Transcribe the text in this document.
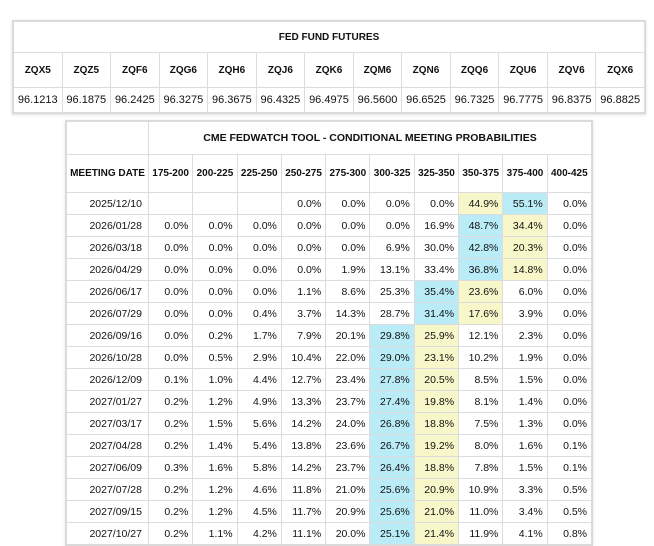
FED FUND FUTURES												
ZQX5	ZQZ5	ZQF6	ZQG6	ZQH6	ZQJ6	ZQK6	ZQM6	ZQN6	ZQQ6	ZQU6	ZQV6	ZQX6
96.1213	96.1875	96.2425	96.3275	96.3675	96.4325	96.4975	96.5600	96.6525	96.7325	96.7775	96.8375	96.8825
	CME FEDWATCH TOOL - CONDITIONAL MEETING PROBABILITIES									
MEETING DATE	175-200	200-225	225-250	250-275	275-300	300-325	325-350	350-375	375-400	400-425
2025/12/10				0.0%	0.0%	0.0%	0.0%	44.9%	55.1%	0.0%
2026/01/28	0.0%	0.0%	0.0%	0.0%	0.0%	0.0%	16.9%	48.7%	34.4%	0.0%
2026/03/18	0.0%	0.0%	0.0%	0.0%	0.0%	6.9%	30.0%	42.8%	20.3%	0.0%
2026/04/29	0.0%	0.0%	0.0%	0.0%	1.9%	13.1%	33.4%	36.8%	14.8%	0.0%
2026/06/17	0.0%	0.0%	0.0%	1.1%	8.6%	25.3%	35.4%	23.6%	6.0%	0.0%
2026/07/29	0.0%	0.0%	0.4%	3.7%	14.3%	28.7%	31.4%	17.6%	3.9%	0.0%
2026/09/16	0.0%	0.2%	1.7%	7.9%	20.1%	29.8%	25.9%	12.1%	2.3%	0.0%
2026/10/28	0.0%	0.5%	2.9%	10.4%	22.0%	29.0%	23.1%	10.2%	1.9%	0.0%
2026/12/09	0.1%	1.0%	4.4%	12.7%	23.4%	27.8%	20.5%	8.5%	1.5%	0.0%
2027/01/27	0.2%	1.2%	4.9%	13.3%	23.7%	27.4%	19.8%	8.1%	1.4%	0.0%
2027/03/17	0.2%	1.5%	5.6%	14.2%	24.0%	26.8%	18.8%	7.5%	1.3%	0.0%
2027/04/28	0.2%	1.4%	5.4%	13.8%	23.6%	26.7%	19.2%	8.0%	1.6%	0.1%
2027/06/09	0.3%	1.6%	5.8%	14.2%	23.7%	26.4%	18.8%	7.8%	1.5%	0.1%
2027/07/28	0.2%	1.2%	4.6%	11.8%	21.0%	25.6%	20.9%	10.9%	3.3%	0.5%
2027/09/15	0.2%	1.2%	4.5%	11.7%	20.9%	25.6%	21.0%	11.0%	3.4%	0.5%
2027/10/27	0.2%	1.1%	4.2%	11.1%	20.0%	25.1%	21.4%	11.9%	4.1%	0.8%
